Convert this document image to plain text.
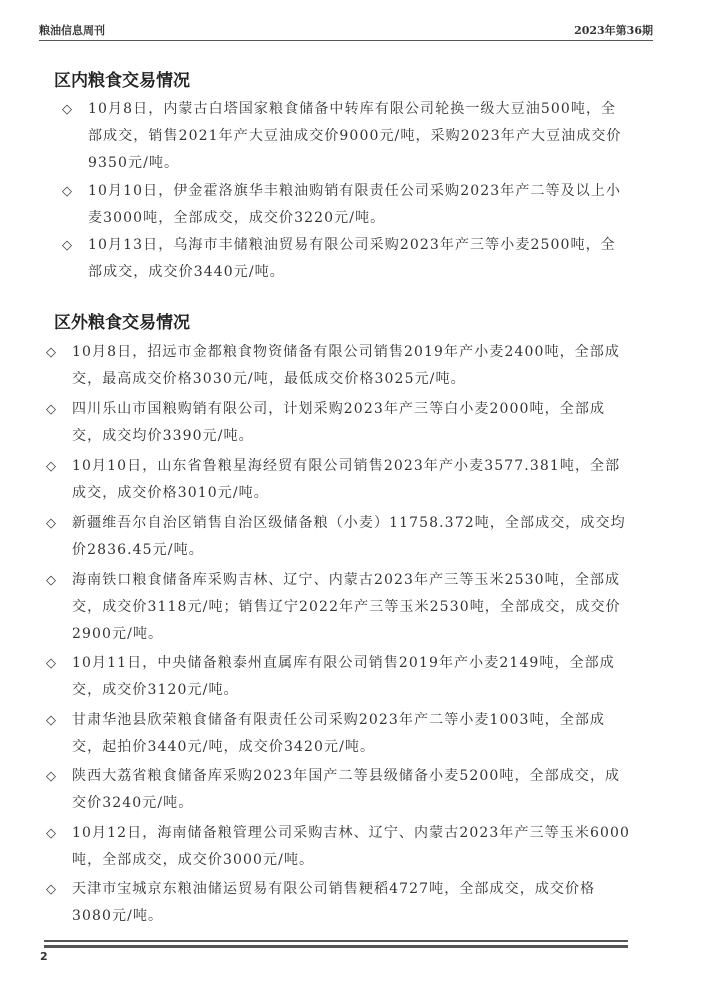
粮油信息周刊	2023年第36期
区内粮食交易情况
◇	10月8日，内蒙古白塔国家粮食储备中转库有限公司轮换一级大豆油500吨，全部成交，销售2021年产大豆油成交价9000元/吨，采购2023年产大豆油成交价9350元/吨。
◇	10月10日，伊金霍洛旗华丰粮油购销有限责任公司采购2023年产二等及以上小麦3000吨，全部成交，成交价3220元/吨。
◇	10月13日，乌海市丰储粮油贸易有限公司采购2023年产三等小麦2500吨，全部成交，成交价3440元/吨。
区外粮食交易情况
◇	10月8日，招远市金都粮食物资储备有限公司销售2019年产小麦2400吨，全部成交，最高成交价格3030元/吨，最低成交价格3025元/吨。
◇	四川乐山市国粮购销有限公司，计划采购2023年产三等白小麦2000吨，全部成交，成交均价3390元/吨。
◇	10月10日，山东省鲁粮星海经贸有限公司销售2023年产小麦3577.381吨，全部成交，成交价格3010元/吨。
◇	新疆维吾尔自治区销售自治区级储备粮（小麦）11758.372吨，全部成交，成交均价2836.45元/吨。
◇	海南铁口粮食储备库采购吉林、辽宁、内蒙古2023年产三等玉米2530吨，全部成交，成交价3118元/吨；销售辽宁2022年产三等玉米2530吨，全部成交，成交价2900元/吨。
◇	10月11日，中央储备粮泰州直属库有限公司销售2019年产小麦2149吨，全部成交，成交价3120元/吨。
◇	甘肃华池县欣荣粮食储备有限责任公司采购2023年产二等小麦1003吨，全部成交，起拍价3440元/吨，成交价3420元/吨。
◇	陕西大荔省粮食储备库采购2023年国产二等县级储备小麦5200吨，全部成交，成交价3240元/吨。
◇	10月12日，海南储备粮管理公司采购吉林、辽宁、内蒙古2023年产三等玉米6000吨，全部成交，成交价3000元/吨。
◇	天津市宝城京东粮油储运贸易有限公司销售粳稻4727吨，全部成交，成交价格3080元/吨。
2
